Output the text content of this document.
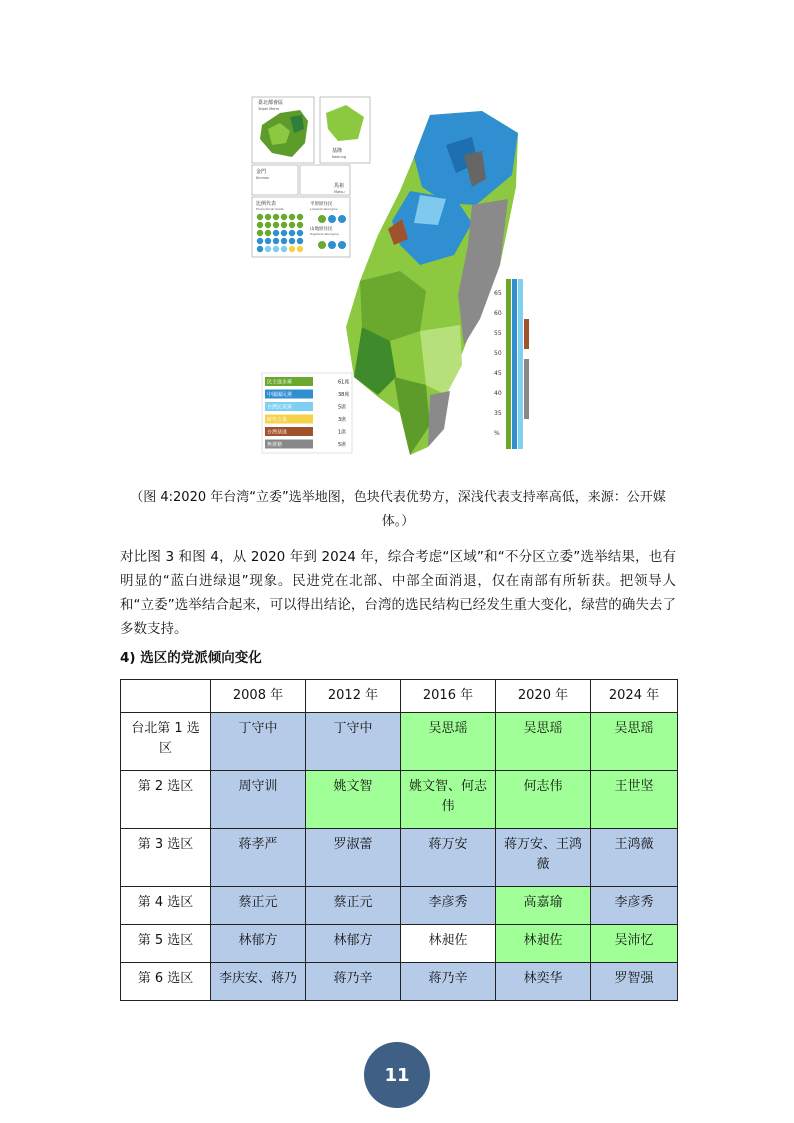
臺北都會區
Taipei Metro
基隆
Keelung
金門
Kinmen
馬祖
Matsu
比例代表
Proportional Seats
平原原住民
Lowland Aborigine
山地原住民
Highland Aborigine
民主進步黨	61席
中國國民黨	38席
台灣民眾黨	5席
時代力量	3席
台灣基進	1席
無黨籍	5席
65
60
55
50
45
40
35
%
（图 4:2020 年台湾“立委”选举地图，色块代表优势方，深浅代表支持率高低，来源：公开媒体。）
对比图 3 和图 4，从 2020 年到 2024 年，综合考虑“区域”和“不分区立委”选举结果，也有明显的“蓝白进绿退”现象。民进党在北部、中部全面消退，仅在南部有所斩获。把领导人和“立委”选举结合起来，可以得出结论，台湾的选民结构已经发生重大变化，绿营的确失去了多数支持。
4) 选区的党派倾向变化
	2008 年	2012 年	2016 年	2020 年	2024 年
台北第 1 选区	丁守中	丁守中	吴思瑶	吴思瑶	吴思瑶
第 2 选区	周守训	姚文智	姚文智、何志伟	何志伟	王世坚
第 3 选区	蒋孝严	罗淑蕾	蒋万安	蒋万安、王鸿薇	王鸿薇
第 4 选区	蔡正元	蔡正元	李彦秀	高嘉瑜	李彦秀
第 5 选区	林郁方	林郁方	林昶佐	林昶佐	吴沛忆
第 6 选区	李庆安、蒋乃	蒋乃辛	蒋乃辛	林奕华	罗智强
11
